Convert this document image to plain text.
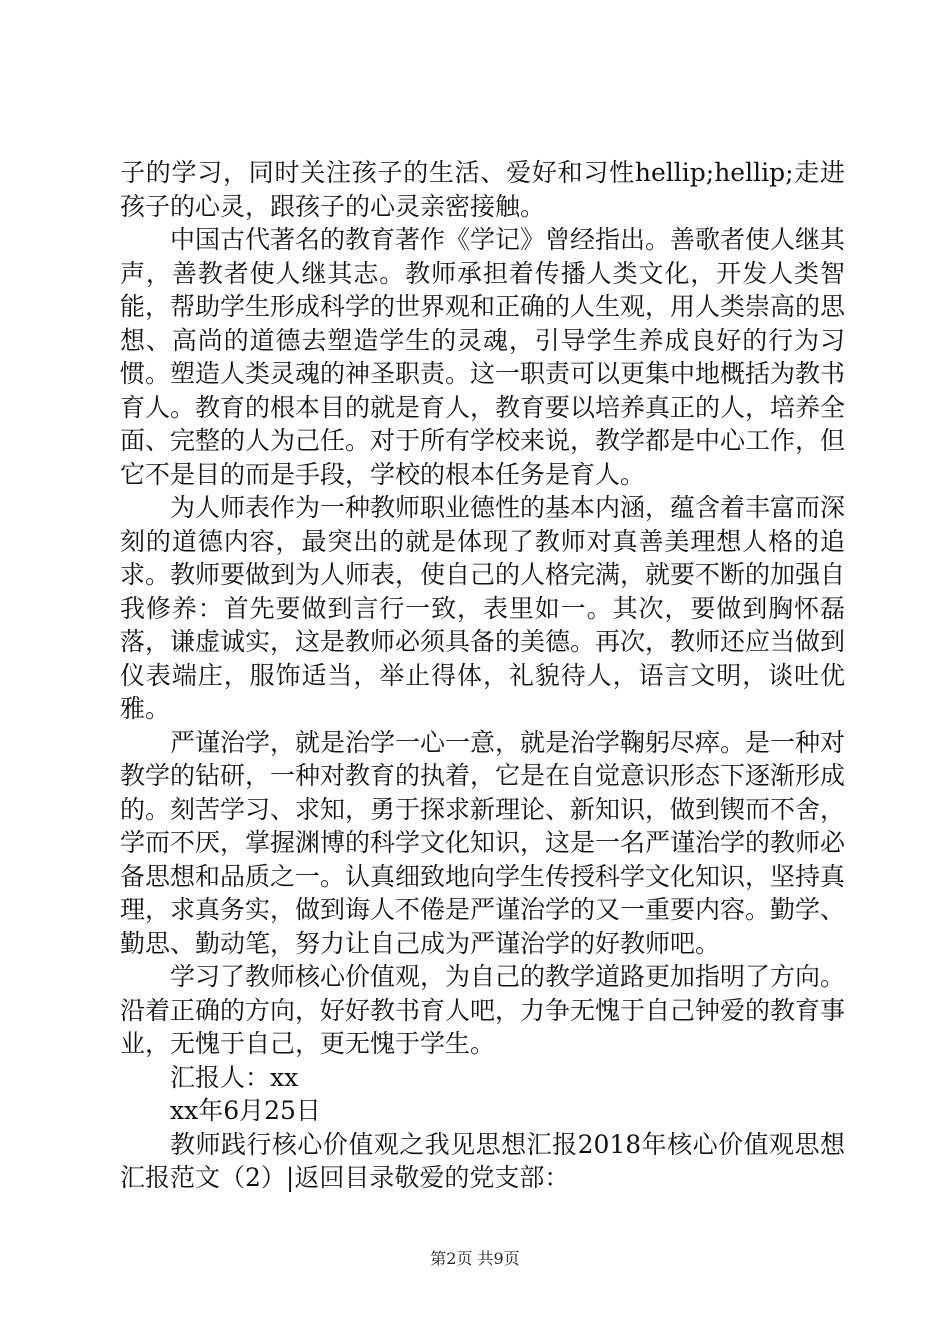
子的学习，同时关注孩子的生活、爱好和习性hellip;hellip;走进孩子的心灵，跟孩子的心灵亲密接触。

中国古代著名的教育著作《学记》曾经指出。善歌者使人继其声，善教者使人继其志。教师承担着传播人类文化，开发人类智能，帮助学生形成科学的世界观和正确的人生观，用人类崇高的思想、高尚的道德去塑造学生的灵魂，引导学生养成良好的行为习惯。塑造人类灵魂的神圣职责。这一职责可以更集中地概括为教书育人。教育的根本目的就是育人，教育要以培养真正的人，培养全面、完整的人为己任。对于所有学校来说，教学都是中心工作，但它不是目的而是手段，学校的根本任务是育人。

为人师表作为一种教师职业德性的基本内涵，蕴含着丰富而深刻的道德内容，最突出的就是体现了教师对真善美理想人格的追求。教师要做到为人师表，使自己的人格完满，就要不断的加强自我修养：首先要做到言行一致，表里如一。其次，要做到胸怀磊落，谦虚诚实，这是教师必须具备的美德。再次，教师还应当做到仪表端庄，服饰适当，举止得体，礼貌待人，语言文明，谈吐优雅。

严谨治学，就是治学一心一意，就是治学鞠躬尽瘁。是一种对教学的钻研，一种对教育的执着，它是在自觉意识形态下逐渐形成的。刻苦学习、求知，勇于探求新理论、新知识，做到锲而不舍，学而不厌，掌握渊博的科学文化知识，这是一名严谨治学的教师必备思想和品质之一。认真细致地向学生传授科学文化知识，坚持真理，求真务实，做到诲人不倦是严谨治学的又一重要内容。勤学、勤思、勤动笔，努力让自己成为严谨治学的好教师吧。

学习了教师核心价值观，为自己的教学道路更加指明了方向。沿着正确的方向，好好教书育人吧，力争无愧于自己钟爱的教育事业，无愧于自己，更无愧于学生。

汇报人：xx

xx年6月25日

教师践行核心价值观之我见思想汇报2018年核心价值观思想汇报范文（2）|返回目录敬爱的党支部：

第2页 共9页
